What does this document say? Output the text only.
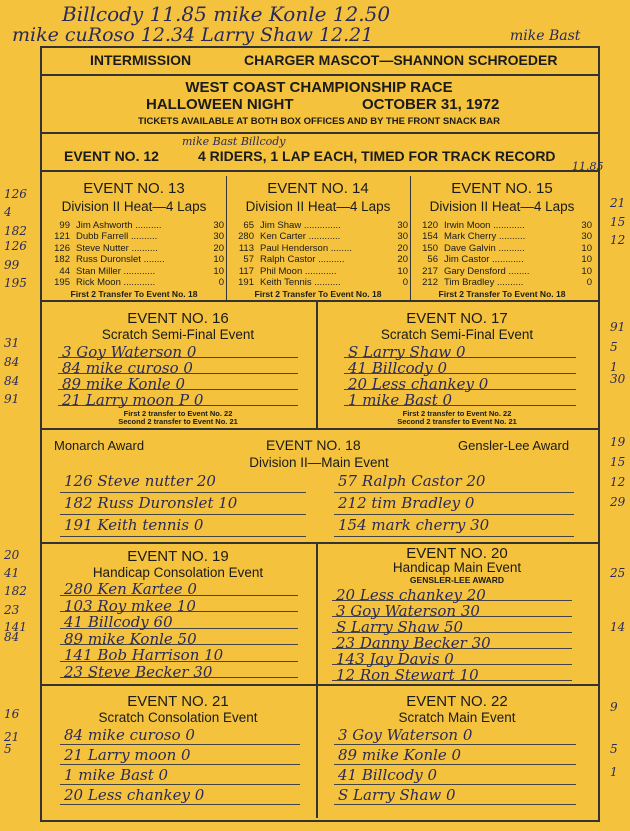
Billcody 11.85 mike Konle 12.50
mike cuRoso 12.34 Larry Shaw 12.21	mike Bast
INTERMISSION	CHARGER MASCOT—SHANNON SCHROEDER
WEST COAST CHAMPIONSHIP RACE
HALLOWEEN NIGHT	OCTOBER 31, 1972
TICKETS AVAILABLE AT BOTH BOX OFFICES AND BY THE FRONT SNACK BAR
mike Bast Billcody
EVENT NO. 12	4 RIDERS, 1 LAP EACH, TIMED FOR TRACK RECORD
11.85
EVENT NO. 13
Division II Heat—4 Laps
99 Jim Ashworth ..........	30
121 Dubb Farrell ..........	30
126 Steve Nutter ..........	20
182 Russ Duronslet ........	10
44 Stan Miller ............	10
195 Rick Moon ............	0
First 2 Transfer To Event No. 18
EVENT NO. 14
Division II Heat—4 Laps
65 Jim Shaw ..............	30
280 Ken Carter ............	30
113 Paul Henderson ........	20
57 Ralph Castor ..........	20
117 Phil Moon ............	10
191 Keith Tennis ..........	0
First 2 Transfer To Event No. 18
EVENT NO. 15
Division II Heat—4 Laps
120 Irwin Moon ............	30
154 Mark Cherry ..........	30
150 Dave Galvin ..........	10
56 Jim Castor ............	10
217 Gary Densford ........	10
212 Tim Bradley ..........	0
First 2 Transfer To Event No. 18
EVENT NO. 16
Scratch Semi-Final Event
3 Goy Waterson 0
84 mike curoso 0
89 mike Konle 0
21 Larry moon P 0
First 2 transfer to Event No. 22
Second 2 transfer to Event No. 21
EVENT NO. 17
Scratch Semi-Final Event
S Larry Shaw 0
41 Billcody 0
20 Less chankey 0
1 mike Bast 0
First 2 transfer to Event No. 22
Second 2 transfer to Event No. 21
Monarch Award	EVENT NO. 18	Gensler-Lee Award
Division II—Main Event
126 Steve nutter 20
182 Russ Duronslet 10
191 Keith tennis 0
57 Ralph Castor 20
212 tim Bradley 0
154 mark cherry 30
EVENT NO. 19
Handicap Consolation Event
280 Ken Kartee 0
103 Roy mkee 10
41 Billcody 60
89 mike Konle 50
141 Bob Harrison 10
23 Steve Becker 30
EVENT NO. 20
Handicap Main Event
GENSLER-LEE AWARD
20 Less chankey 20
3 Goy Waterson 30
S Larry Shaw 50
23 Danny Becker 30
143 Jay Davis 0
12 Ron Stewart 10
EVENT NO. 21
Scratch Consolation Event
84 mike curoso 0
21 Larry moon 0
1 mike Bast 0
20 Less chankey 0
EVENT NO. 22
Scratch Main Event
3 Goy Waterson 0
89 mike Konle 0
41 Billcody 0
S Larry Shaw 0
126
4
182
126
99
195
31
84
84
91
20
41
182
23
141
84
16
21
5
21
15
12
91
5
1
30
19
15
12
29
25
14
9
5
1
